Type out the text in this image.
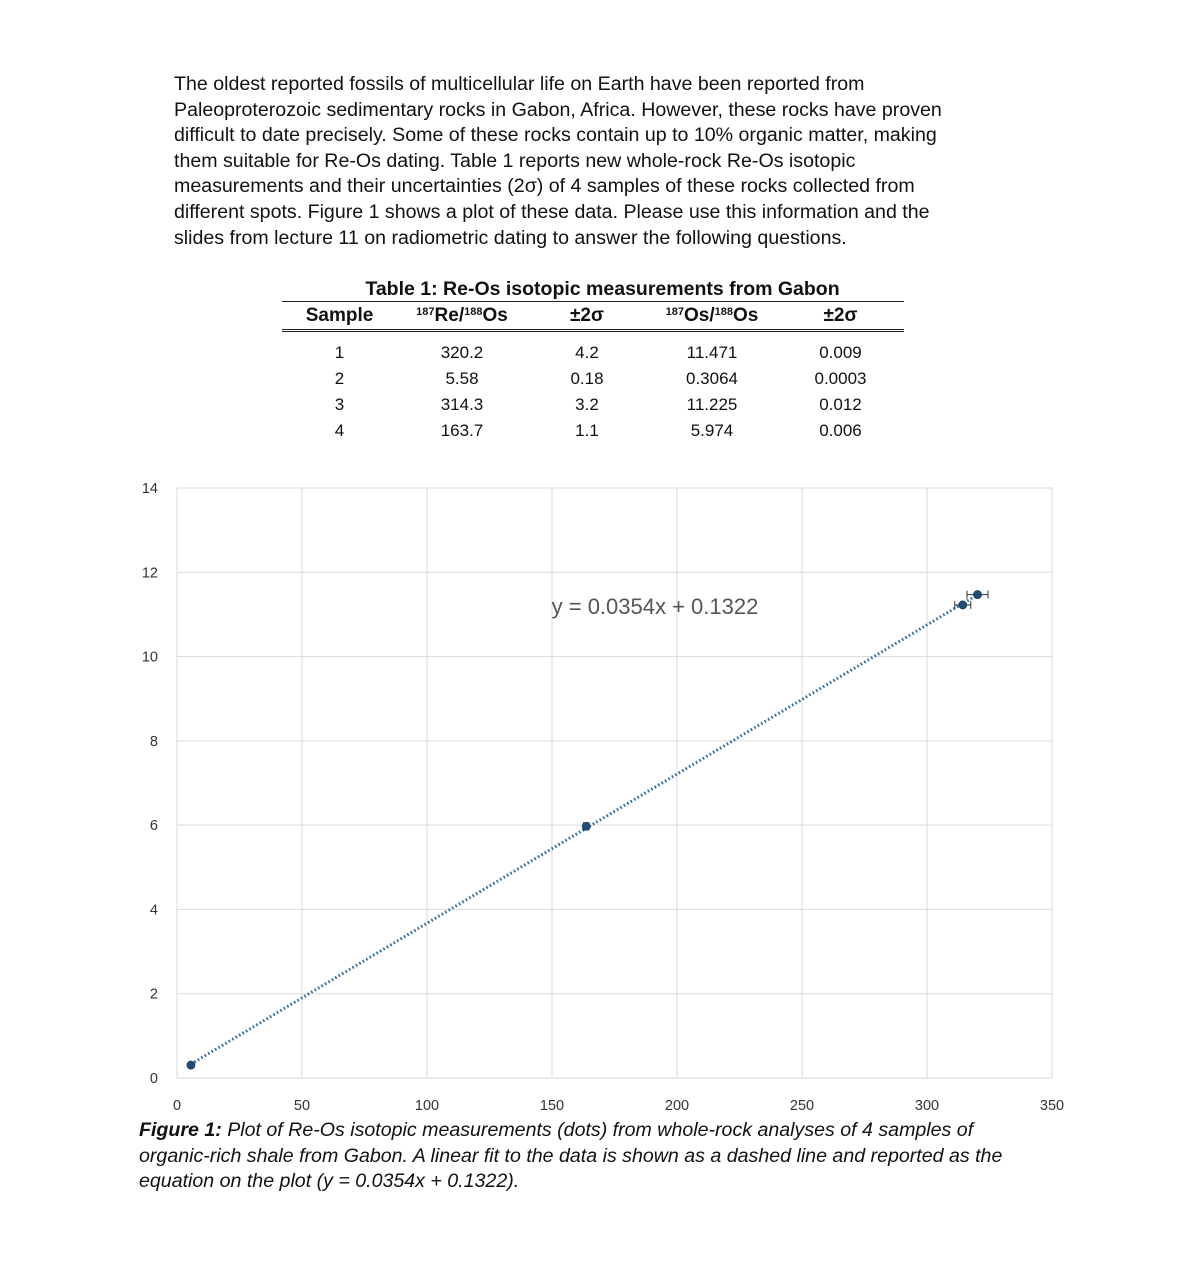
The oldest reported fossils of multicellular life on Earth have been reported from

Paleoproterozoic sedimentary rocks in Gabon, Africa. However, these rocks have proven

difficult to date precisely. Some of these rocks contain up to 10% organic matter, making

them suitable for Re-Os dating. Table 1 reports new whole-rock Re-Os isotopic

measurements and their uncertainties (2σ) of 4 samples of these rocks collected from

different spots. Figure 1 shows a plot of these data. Please use this information and the

slides from lecture 11 on radiometric dating to answer the following questions.

Table 1: Re-Os isotopic measurements from Gabon
Sample	$^{187}$Re/$^{188}$Os	±2σ	$^{187}$Os/$^{188}$Os	±2σ
1	320.2	4.2	11.471	0.009
2	5.58	0.18	0.3064	0.0003
3	314.3	3.2	11.225	0.012
4	163.7	1.1	5.974	0.006
0	50	100	150	200	250	300	350
0
2
4
6
8
10
12
14
y = 0.0354x + 0.1322
Figure 1: Plot of Re-Os isotopic measurements (dots) from whole-rock analyses of 4 samples of organic-rich shale from Gabon. A linear fit to the data is shown as a dashed line and reported as the equation on the plot (y = 0.0354x + 0.1322).
